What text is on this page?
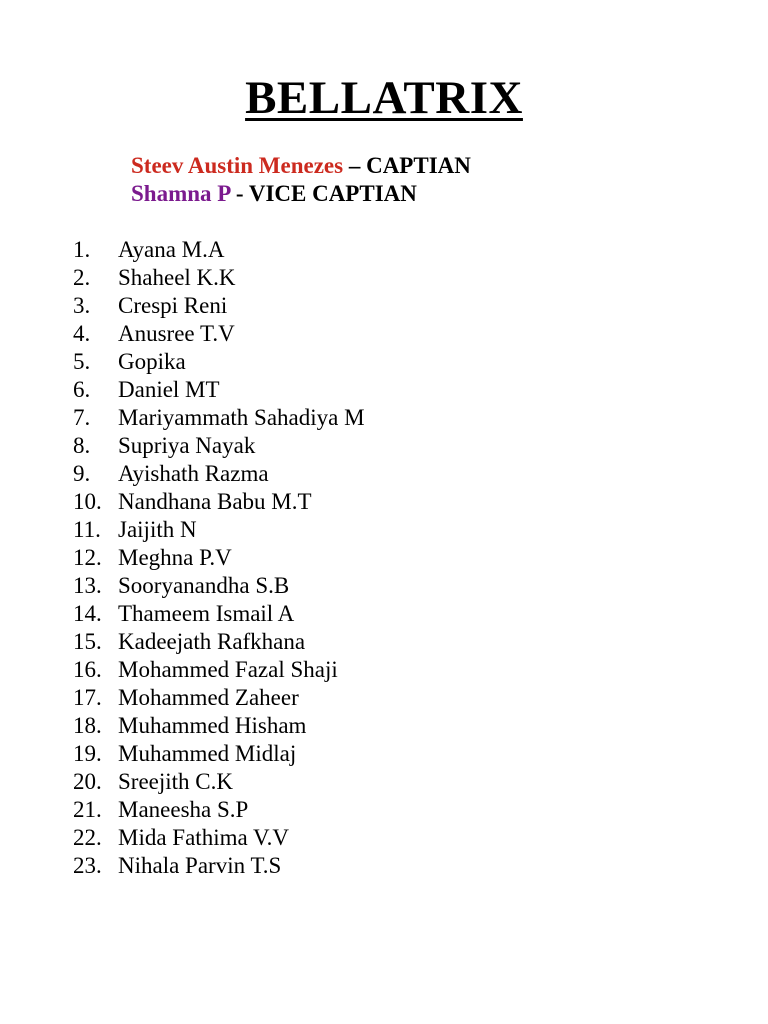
BELLATRIX
Steev Austin Menezes – CAPTIAN
Shamna P - VICE CAPTIAN
1. Ayana M.A
2. Shaheel K.K
3. Crespi Reni
4. Anusree T.V
5. Gopika
6. Daniel MT
7. Mariyammath Sahadiya M
8. Supriya Nayak
9. Ayishath Razma
10. Nandhana Babu M.T
11. Jaijith N
12. Meghna P.V
13. Sooryanandha S.B
14. Thameem Ismail A
15. Kadeejath Rafkhana
16. Mohammed Fazal Shaji
17. Mohammed Zaheer
18. Muhammed Hisham
19. Muhammed Midlaj
20. Sreejith C.K
21. Maneesha S.P
22. Mida Fathima V.V
23. Nihala Parvin T.S
